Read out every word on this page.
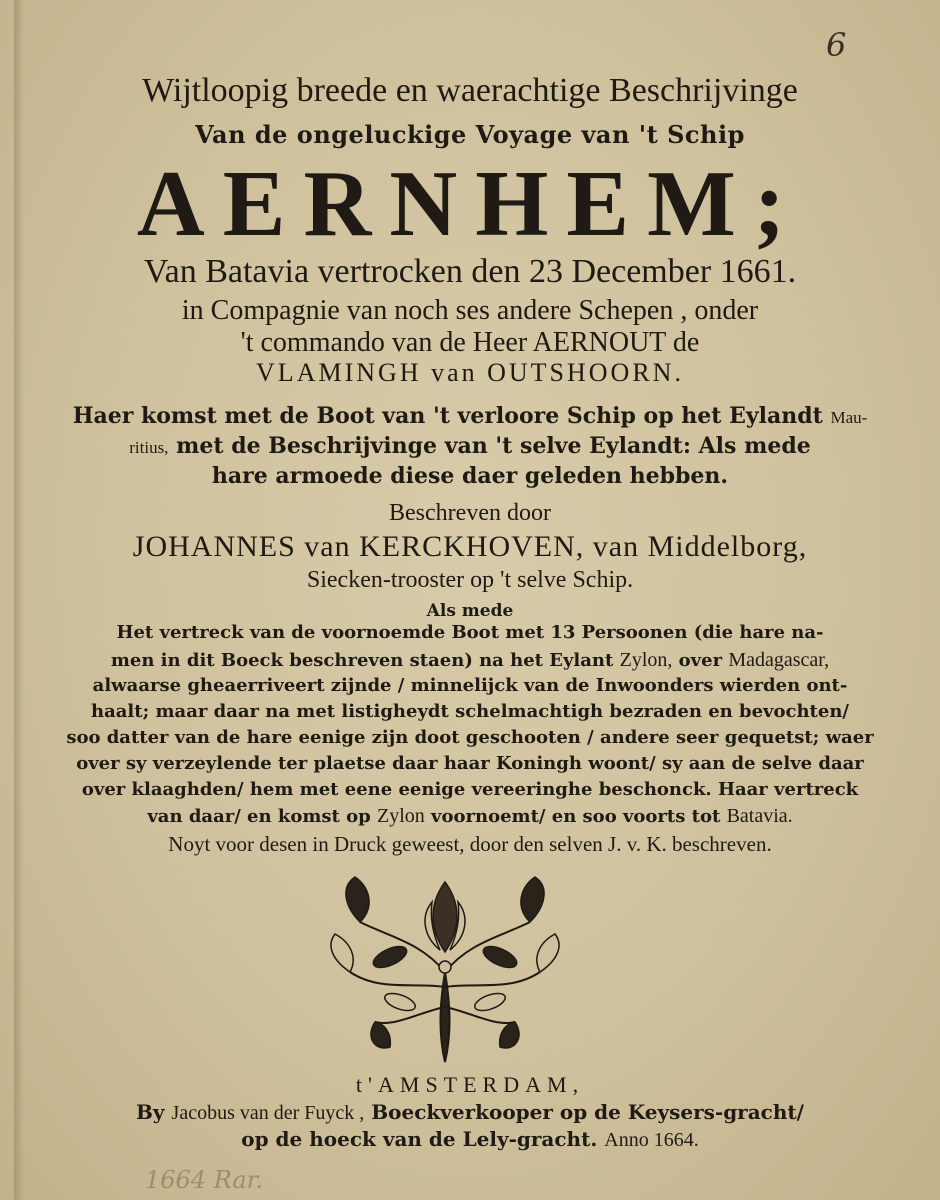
6
Wijtloopig breede en waerachtige Beschrijvinge
Van de ongeluckige Voyage van 't Schip
AERNHEM;
Van Batavia vertrocken den 23 December 1661.
in Compagnie van noch ses andere Schepen , onder
't commando van de Heer AERNOUT de
VLAMINGH van OUTSHOORN.
Haer komst met de Boot van 't verloore Schip op het Eylandt Mau-
ritius, met de Beschrijvinge van 't selve Eylandt: Als mede
hare armoede diese daer geleden hebben.
Beschreven door
JOHANNES van KERCKHOVEN, van Middelborg,
Siecken-trooster op 't selve Schip.
Als mede
Het vertreck van de voornoemde Boot met 13 Persoonen (die hare na-
men in dit Boeck beschreven staen) na het Eylant Zylon, over Madagascar,
alwaarse gheaerriveert zijnde / minnelijck van de Inwoonders wierden ont-
haalt; maar daar na met listigheydt schelmachtigh bezraden en bevochten/
soo datter van de hare eenige zijn doot geschooten / andere seer gequetst; waer
over sy verzeylende ter plaetse daar haar Koningh woont/ sy aan de selve daar
over klaaghden/ hem met eene eenige vereeringhe beschonck. Haar vertreck
van daar/ en komst op Zylon voornoemt/ en soo voorts tot Batavia.
Noyt voor desen in Druck geweest, door den selven J. v. K. beschreven.
t'AMSTERDAM,
By Jacobus van der Fuyck , Boeckverkooper op de Keysers-gracht/
op de hoeck van de Lely-gracht. Anno 1664.
1664 Rar.
